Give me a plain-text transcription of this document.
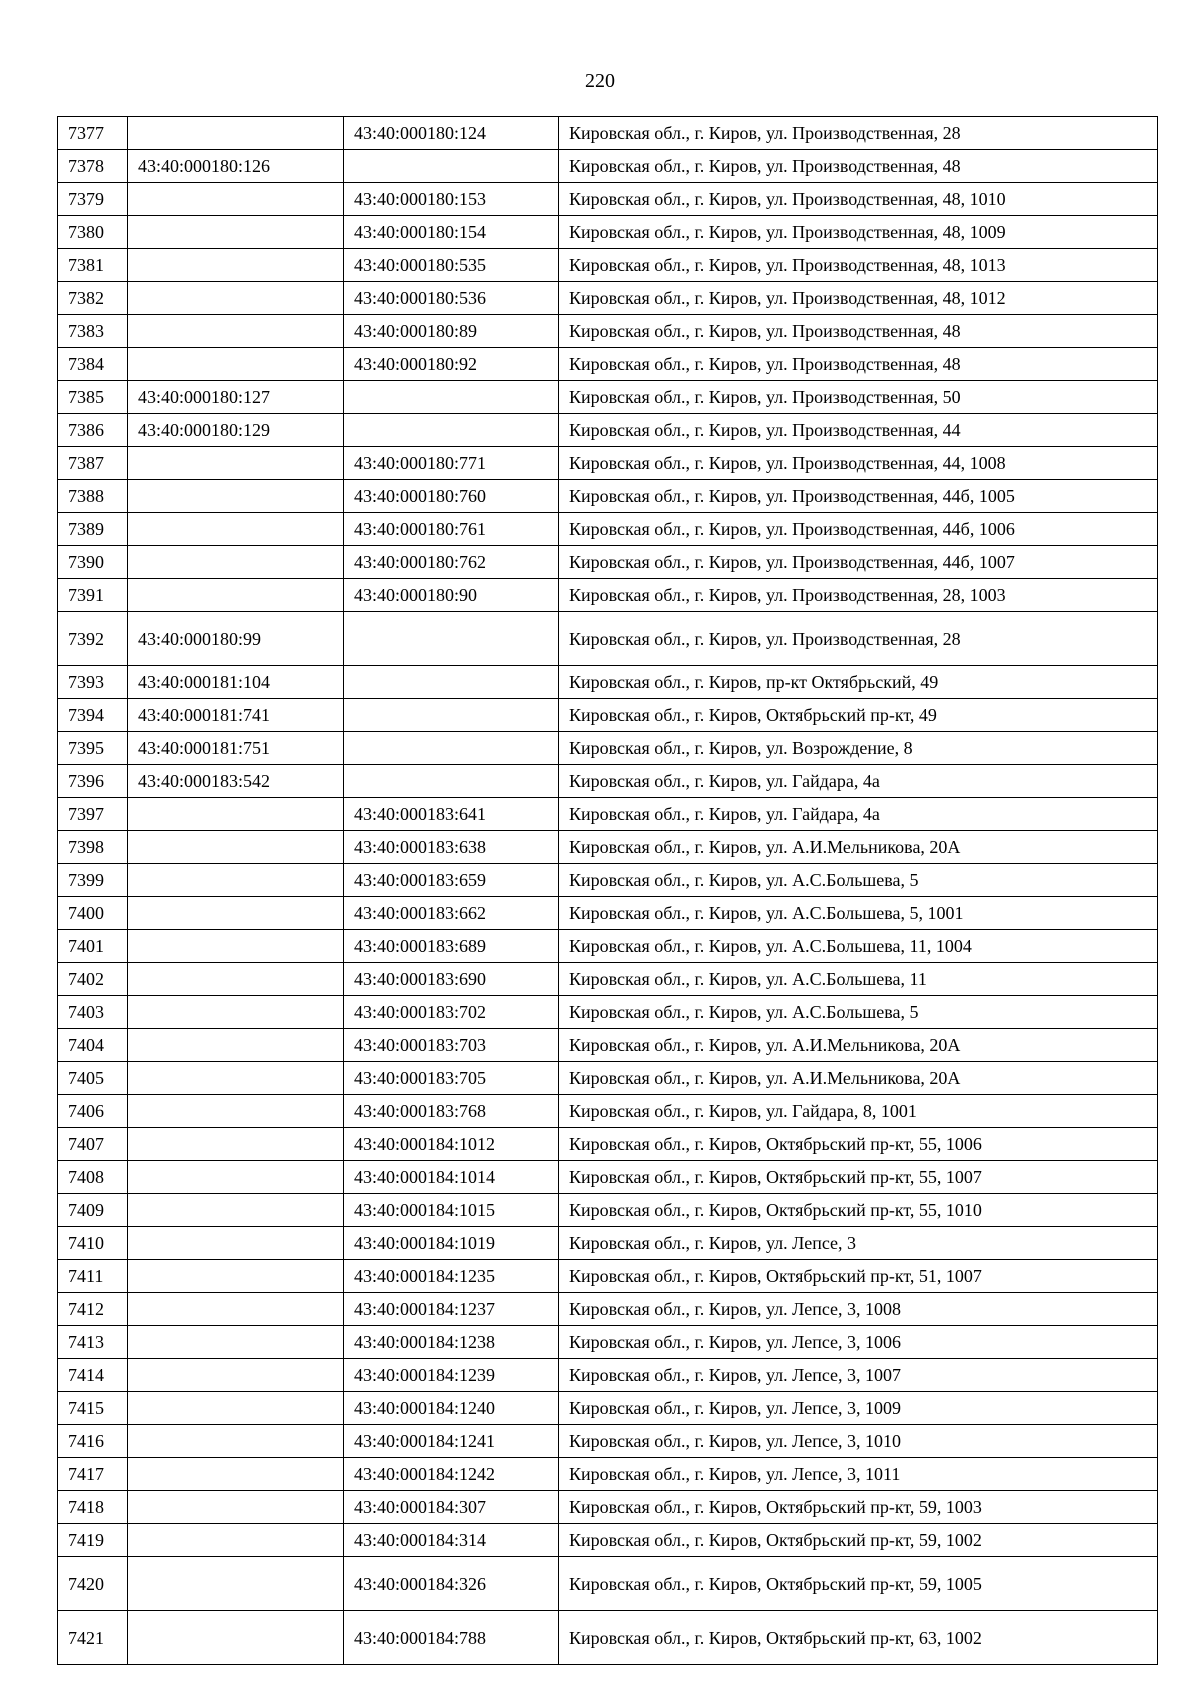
220
7377		43:40:000180:124	Кировская обл., г. Киров, ул. Производственная, 28
7378	43:40:000180:126		Кировская обл., г. Киров, ул. Производственная, 48
7379		43:40:000180:153	Кировская обл., г. Киров, ул. Производственная, 48, 1010
7380		43:40:000180:154	Кировская обл., г. Киров, ул. Производственная, 48, 1009
7381		43:40:000180:535	Кировская обл., г. Киров, ул. Производственная, 48, 1013
7382		43:40:000180:536	Кировская обл., г. Киров, ул. Производственная, 48, 1012
7383		43:40:000180:89	Кировская обл., г. Киров, ул. Производственная, 48
7384		43:40:000180:92	Кировская обл., г. Киров, ул. Производственная, 48
7385	43:40:000180:127		Кировская обл., г. Киров, ул. Производственная, 50
7386	43:40:000180:129		Кировская обл., г. Киров, ул. Производственная, 44
7387		43:40:000180:771	Кировская обл., г. Киров, ул. Производственная, 44, 1008
7388		43:40:000180:760	Кировская обл., г. Киров, ул. Производственная, 44б, 1005
7389		43:40:000180:761	Кировская обл., г. Киров, ул. Производственная, 44б, 1006
7390		43:40:000180:762	Кировская обл., г. Киров, ул. Производственная, 44б, 1007
7391		43:40:000180:90	Кировская обл., г. Киров, ул. Производственная, 28, 1003
7392	43:40:000180:99		Кировская обл., г. Киров, ул. Производственная, 28
7393	43:40:000181:104		Кировская обл., г. Киров, пр-кт Октябрьский, 49
7394	43:40:000181:741		Кировская обл., г. Киров, Октябрьский пр-кт, 49
7395	43:40:000181:751		Кировская обл., г. Киров, ул. Возрождение, 8
7396	43:40:000183:542		Кировская обл., г. Киров, ул. Гайдара, 4а
7397		43:40:000183:641	Кировская обл., г. Киров, ул. Гайдара, 4а
7398		43:40:000183:638	Кировская обл., г. Киров, ул. А.И.Мельникова, 20А
7399		43:40:000183:659	Кировская обл., г. Киров, ул. А.С.Большева, 5
7400		43:40:000183:662	Кировская обл., г. Киров, ул. А.С.Большева, 5, 1001
7401		43:40:000183:689	Кировская обл., г. Киров, ул. А.С.Большева, 11, 1004
7402		43:40:000183:690	Кировская обл., г. Киров, ул. А.С.Большева, 11
7403		43:40:000183:702	Кировская обл., г. Киров, ул. А.С.Большева, 5
7404		43:40:000183:703	Кировская обл., г. Киров, ул. А.И.Мельникова, 20А
7405		43:40:000183:705	Кировская обл., г. Киров, ул. А.И.Мельникова, 20А
7406		43:40:000183:768	Кировская обл., г. Киров, ул. Гайдара, 8, 1001
7407		43:40:000184:1012	Кировская обл., г. Киров, Октябрьский пр-кт, 55, 1006
7408		43:40:000184:1014	Кировская обл., г. Киров, Октябрьский пр-кт, 55, 1007
7409		43:40:000184:1015	Кировская обл., г. Киров, Октябрьский пр-кт, 55, 1010
7410		43:40:000184:1019	Кировская обл., г. Киров, ул. Лепсе, 3
7411		43:40:000184:1235	Кировская обл., г. Киров, Октябрьский пр-кт, 51, 1007
7412		43:40:000184:1237	Кировская обл., г. Киров, ул. Лепсе, 3, 1008
7413		43:40:000184:1238	Кировская обл., г. Киров, ул. Лепсе, 3, 1006
7414		43:40:000184:1239	Кировская обл., г. Киров, ул. Лепсе, 3, 1007
7415		43:40:000184:1240	Кировская обл., г. Киров, ул. Лепсе, 3, 1009
7416		43:40:000184:1241	Кировская обл., г. Киров, ул. Лепсе, 3, 1010
7417		43:40:000184:1242	Кировская обл., г. Киров, ул. Лепсе, 3, 1011
7418		43:40:000184:307	Кировская обл., г. Киров, Октябрьский пр-кт, 59, 1003
7419		43:40:000184:314	Кировская обл., г. Киров, Октябрьский пр-кт, 59, 1002
7420		43:40:000184:326	Кировская обл., г. Киров, Октябрьский пр-кт, 59, 1005
7421		43:40:000184:788	Кировская обл., г. Киров, Октябрьский пр-кт, 63, 1002
